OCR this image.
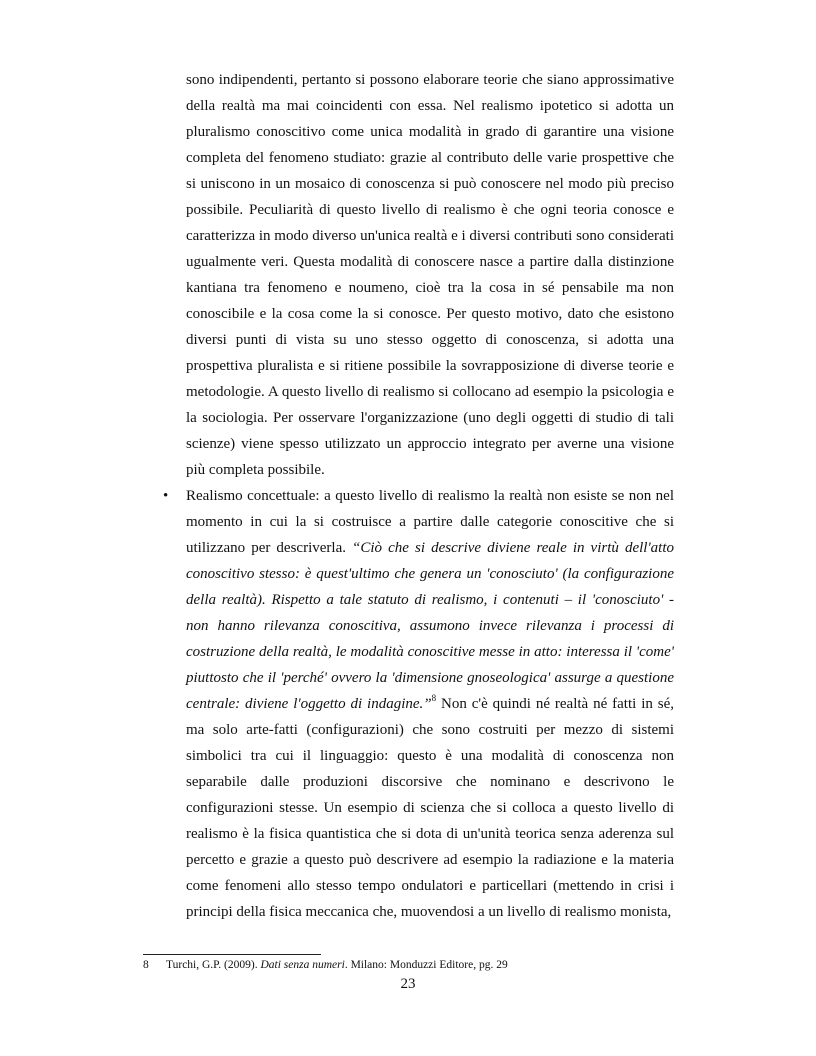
sono indipendenti, pertanto si possono elaborare teorie che siano approssimative della realtà ma mai coincidenti con essa. Nel realismo ipotetico si adotta un pluralismo conoscitivo come unica modalità in grado di garantire una visione completa del fenomeno studiato: grazie al contributo delle varie prospettive che si uniscono in un mosaico di conoscenza si può conoscere nel modo più preciso possibile. Peculiarità di questo livello di realismo è che ogni teoria conosce e caratterizza in modo diverso un'unica realtà e i diversi contributi sono considerati ugualmente veri. Questa modalità di conoscere nasce a partire dalla distinzione kantiana tra fenomeno e noumeno, cioè tra la cosa in sé pensabile ma non conoscibile e la cosa come la si conosce. Per questo motivo, dato che esistono diversi punti di vista su uno stesso oggetto di conoscenza, si adotta una prospettiva pluralista e si ritiene possibile la sovrapposizione di diverse teorie e metodologie. A questo livello di realismo si collocano ad esempio la psicologia e la sociologia. Per osservare l'organizzazione (uno degli oggetti di studio di tali scienze) viene spesso utilizzato un approccio integrato per averne una visione più completa possibile.

• Realismo concettuale: a questo livello di realismo la realtà non esiste se non nel momento in cui la si costruisce a partire dalle categorie conoscitive che si utilizzano per descriverla. “Ciò che si descrive diviene reale in virtù dell'atto conoscitivo stesso: è quest'ultimo che genera un 'conosciuto' (la configurazione della realtà). Rispetto a tale statuto di realismo, i contenuti – il 'conosciuto' - non hanno rilevanza conoscitiva, assumono invece rilevanza i processi di costruzione della realtà, le modalità conoscitive messe in atto: interessa il 'come' piuttosto che il 'perché' ovvero la 'dimensione gnoseologica' assurge a questione centrale: diviene l'oggetto di indagine.”$^8$ Non c'è quindi né realtà né fatti in sé, ma solo arte-fatti (configurazioni) che sono costruiti per mezzo di sistemi simbolici tra cui il linguaggio: questo è una modalità di conoscenza non separabile dalle produzioni discorsive che nominano e descrivono le configurazioni stesse. Un esempio di scienza che si colloca a questo livello di realismo è la fisica quantistica che si dota di un'unità teorica senza aderenza sul percetto e grazie a questo può descrivere ad esempio la radiazione e la materia come fenomeni allo stesso tempo ondulatori e particellari (mettendo in crisi i principi della fisica meccanica che, muovendosi a un livello di realismo monista,

8 Turchi, G.P. (2009). Dati senza numeri. Milano: Monduzzi Editore, pg. 29
23
